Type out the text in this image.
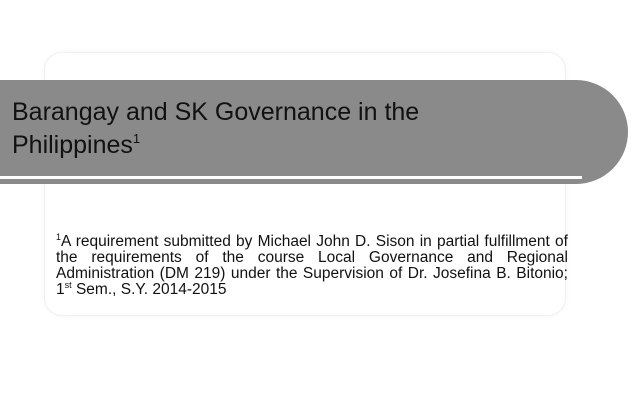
Barangay and SK Governance in the
Philippines$^1$
$^1$A requirement submitted by Michael John D. Sison in partial fulfillment of the requirements of the course Local Governance and Regional Administration (DM 219) under the Supervision of Dr. Josefina B. Bitonio; 1st Sem., S.Y. 2014-2015
